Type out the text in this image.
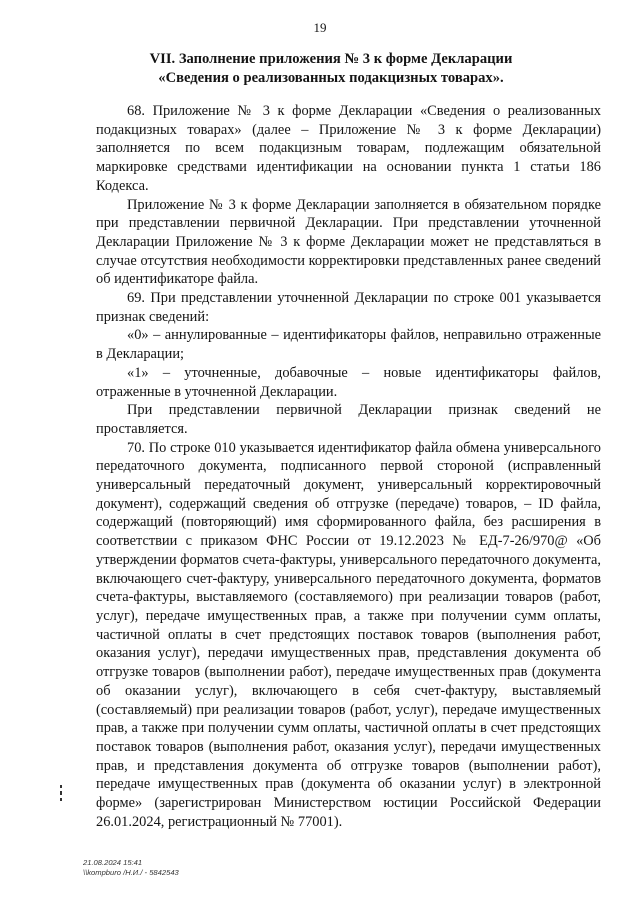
19
VII. Заполнение приложения № 3 к форме Декларации
«Сведения о реализованных подакцизных товарах».

68. Приложение № 3 к форме Декларации «Сведения о реализованных подакцизных товарах» (далее – Приложение № 3 к форме Декларации) заполняется по всем подакцизным товарам, подлежащим обязательной маркировке средствами идентификации на основании пункта 1 статьи 186 Кодекса.

Приложение № 3 к форме Декларации заполняется в обязательном порядке при представлении первичной Декларации. При представлении уточненной Декларации Приложение № 3 к форме Декларации может не представляться в случае отсутствия необходимости корректировки представленных ранее сведений об идентификаторе файла.

69. При представлении уточненной Декларации по строке 001 указывается признак сведений:

«0» – аннулированные – идентификаторы файлов, неправильно отраженные в Декларации;

«1» – уточненные, добавочные – новые идентификаторы файлов, отраженные в уточненной Декларации.

При представлении первичной Декларации признак сведений не проставляется.

70. По строке 010 указывается идентификатор файла обмена универсального передаточного документа, подписанного первой стороной (исправленный универсальный передаточный документ, универсальный корректировочный документ), содержащий сведения об отгрузке (передаче) товаров, – ID файла, содержащий (повторяющий) имя сформированного файла, без расширения в соответствии с приказом ФНС России от 19.12.2023 № ЕД-7-26/970@ «Об утверждении форматов счета-фактуры, универсального передаточного документа, включающего счет-фактуру, универсального передаточного документа, форматов счета-фактуры, выставляемого (составляемого) при реализации товаров (работ, услуг), передаче имущественных прав, а также при получении сумм оплаты, частичной оплаты в счет предстоящих поставок товаров (выполнения работ, оказания услуг), передачи имущественных прав, представления документа об отгрузке товаров (выполнении работ), передаче имущественных прав (документа об оказании услуг), включающего в себя счет-фактуру, выставляемый (составляемый) при реализации товаров (работ, услуг), передаче имущественных прав, а также при получении сумм оплаты, частичной оплаты в счет предстоящих поставок товаров (выполнения работ, оказания услуг), передачи имущественных прав, и представления документа об отгрузке товаров (выполнении работ), передаче имущественных прав (документа об оказании услуг) в электронной форме» (зарегистрирован Министерством юстиции Российской Федерации 26.01.2024, регистрационный № 77001).

21.08.2024 15:41
\\kompburo /Н.И./ - 5842543
